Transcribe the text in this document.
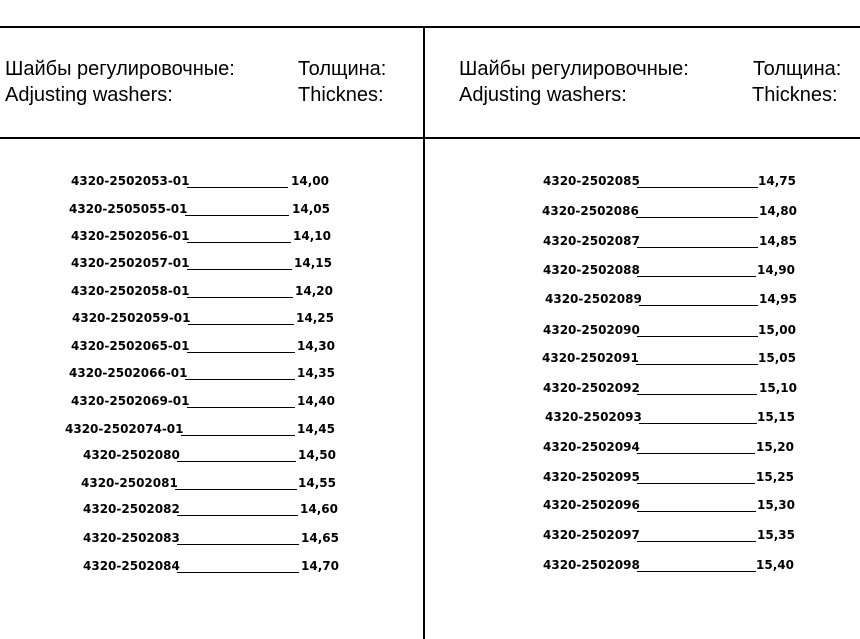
Шайбы регулировочные:
Adjusting washers:
Толщина:
Thicknes:
Шайбы регулировочные:
Adjusting washers:
Толщина:
Thicknes:
4320-2502053-01	14,00
4320-2505055-01	14,05
4320-2502056-01	14,10
4320-2502057-01	14,15
4320-2502058-01	14,20
4320-2502059-01	14,25
4320-2502065-01	14,30
4320-2502066-01	14,35
4320-2502069-01	14,40
4320-2502074-01	14,45
4320-2502080	14,50
4320-2502081	14,55
4320-2502082	14,60
4320-2502083	14,65
4320-2502084	14,70
4320-2502085	14,75
4320-2502086	14,80
4320-2502087	14,85
4320-2502088	14,90
4320-2502089	14,95
4320-2502090	15,00
4320-2502091	15,05
4320-2502092	15,10
4320-2502093	15,15
4320-2502094	15,20
4320-2502095	15,25
4320-2502096	15,30
4320-2502097	15,35
4320-2502098	15,40
